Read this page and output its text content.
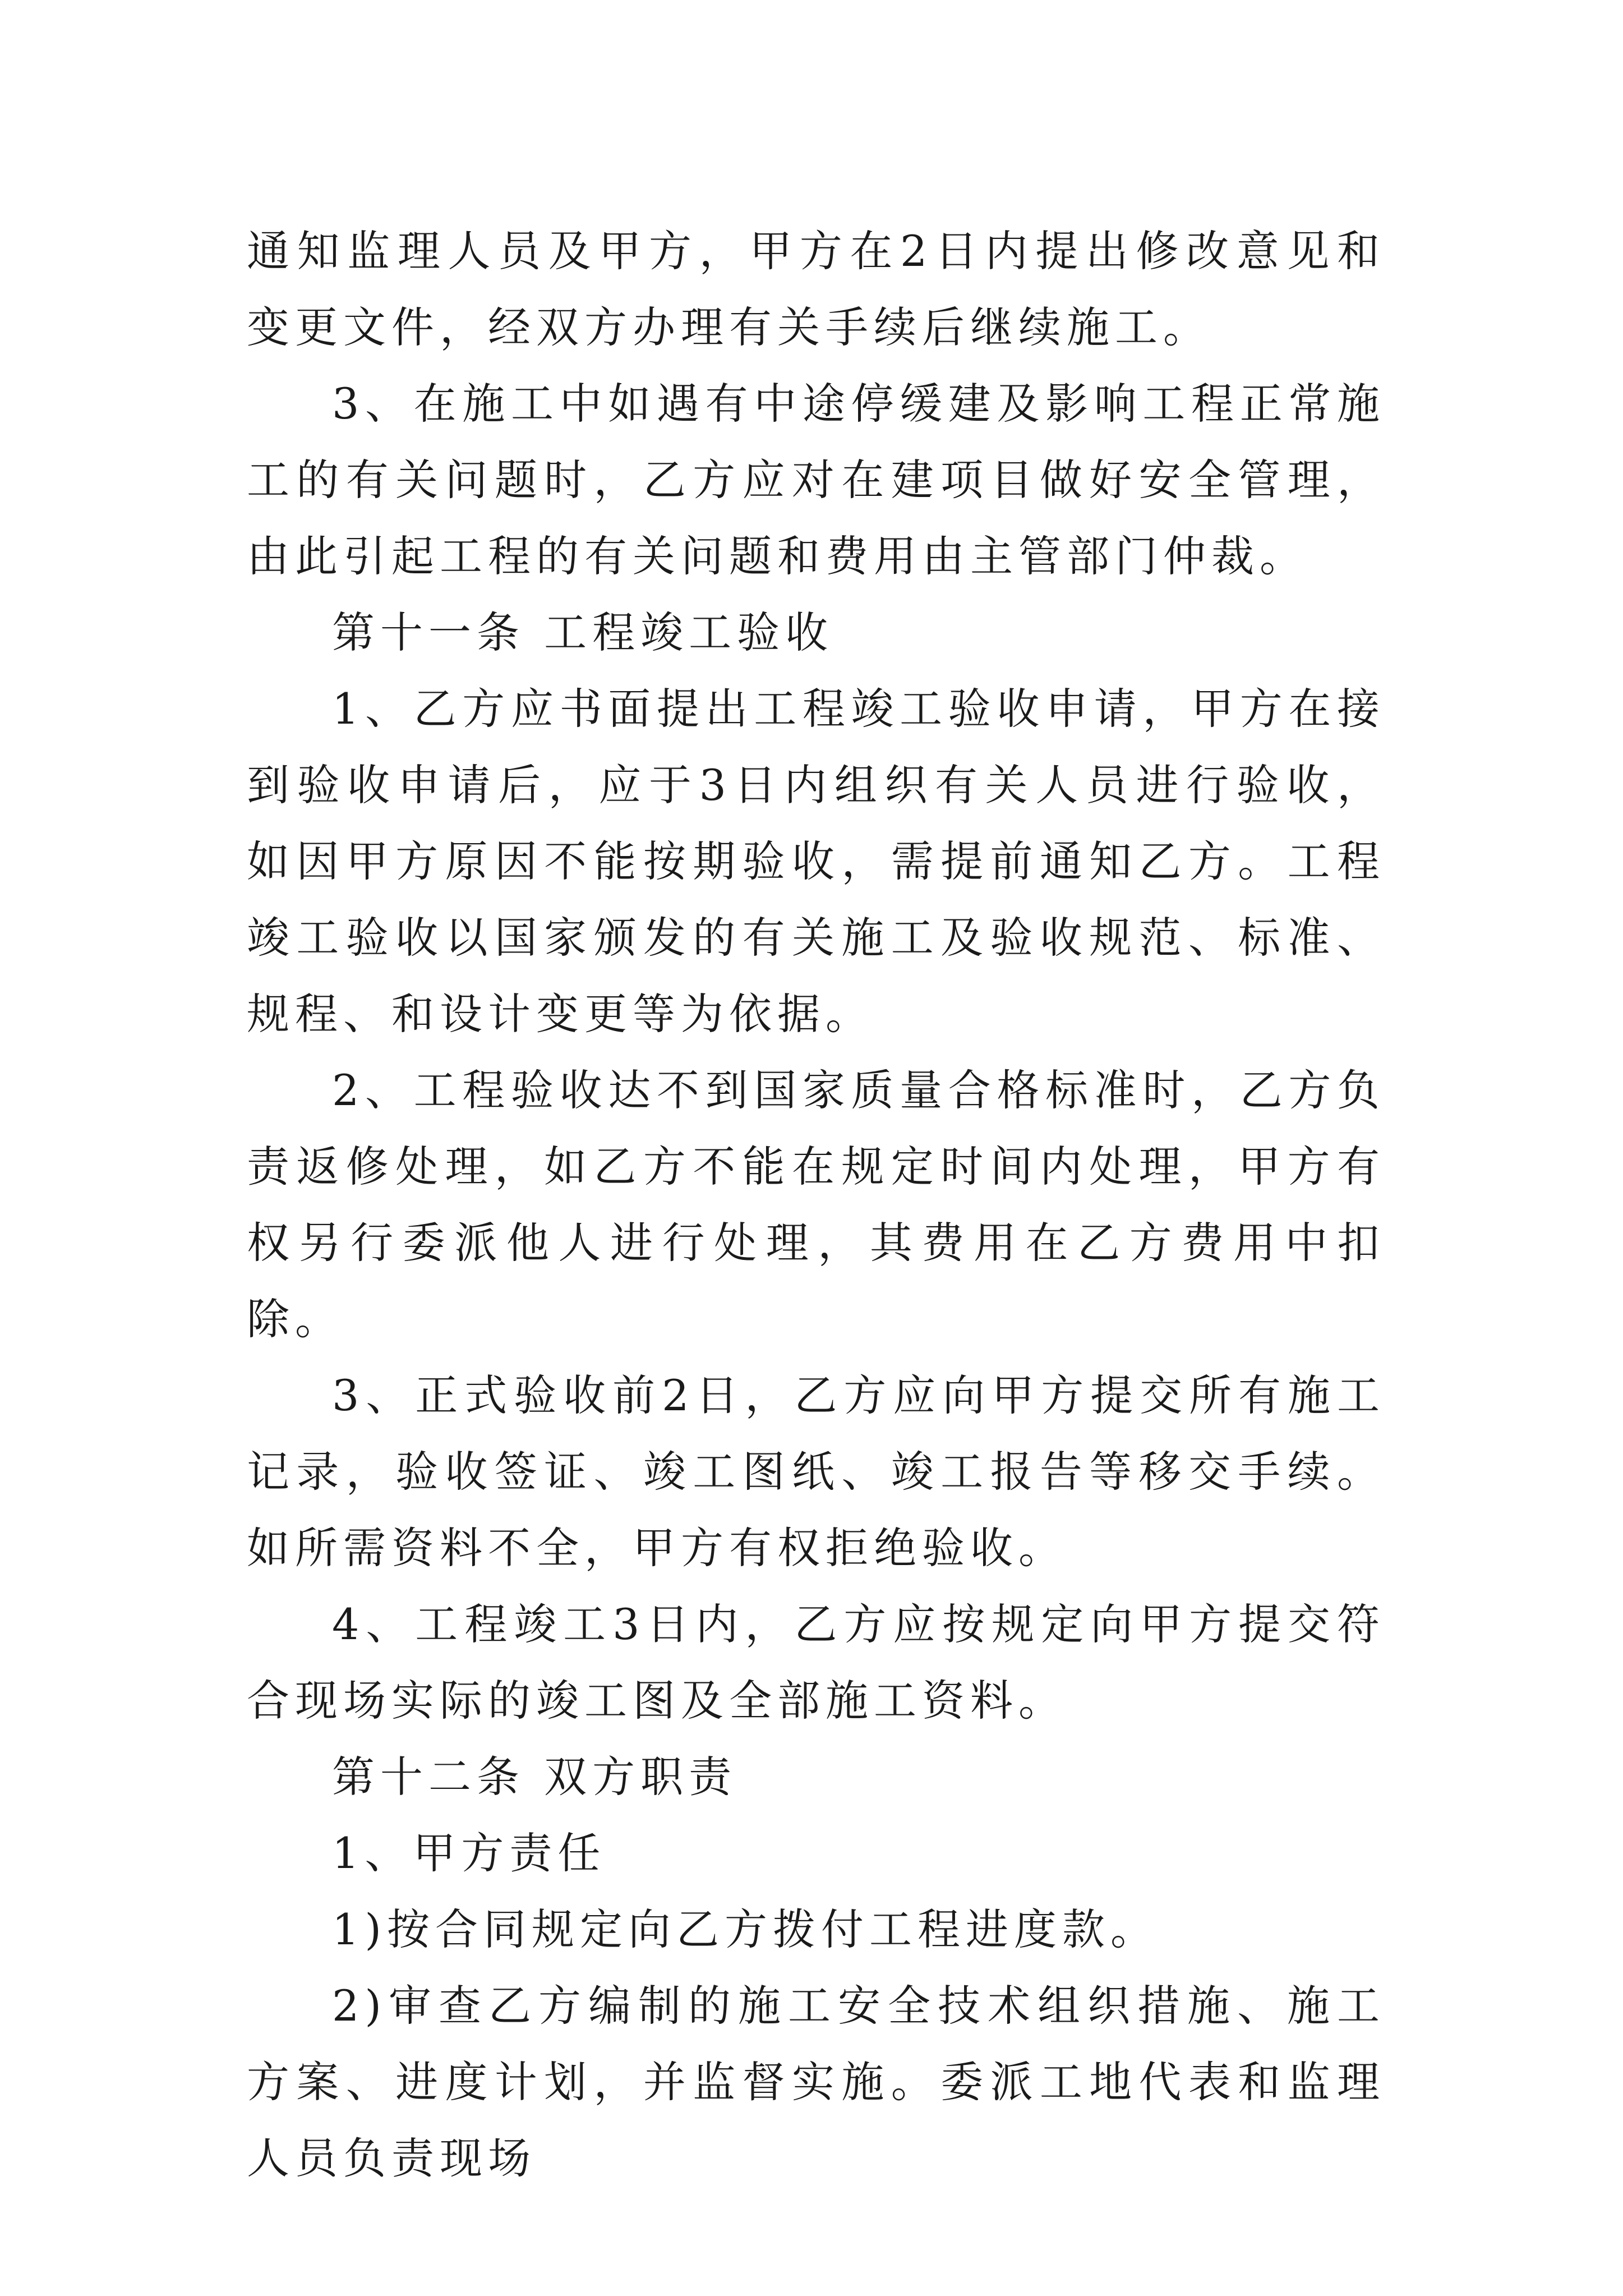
通知监理人员及甲方，甲方在2日内提出修改意见和变更文件，经双方办理有关手续后继续施工。

3、在施工中如遇有中途停缓建及影响工程正常施工的有关问题时，乙方应对在建项目做好安全管理，由此引起工程的有关问题和费用由主管部门仲裁。

第十一条 工程竣工验收

1、乙方应书面提出工程竣工验收申请，甲方在接到验收申请后，应于3日内组织有关人员进行验收，如因甲方原因不能按期验收，需提前通知乙方。工程竣工验收以国家颁发的有关施工及验收规范、标准、规程、和设计变更等为依据。

2、工程验收达不到国家质量合格标准时，乙方负责返修处理，如乙方不能在规定时间内处理，甲方有权另行委派他人进行处理，其费用在乙方费用中扣除。

3、正式验收前2日，乙方应向甲方提交所有施工记录，验收签证、竣工图纸、竣工报告等移交手续。如所需资料不全，甲方有权拒绝验收。

4、工程竣工3日内，乙方应按规定向甲方提交符合现场实际的竣工图及全部施工资料。

第十二条 双方职责

1、甲方责任

1)按合同规定向乙方拨付工程进度款。

2)审查乙方编制的施工安全技术组织措施、施工方案、进度计划，并监督实施。委派工地代表和监理人员负责现场
